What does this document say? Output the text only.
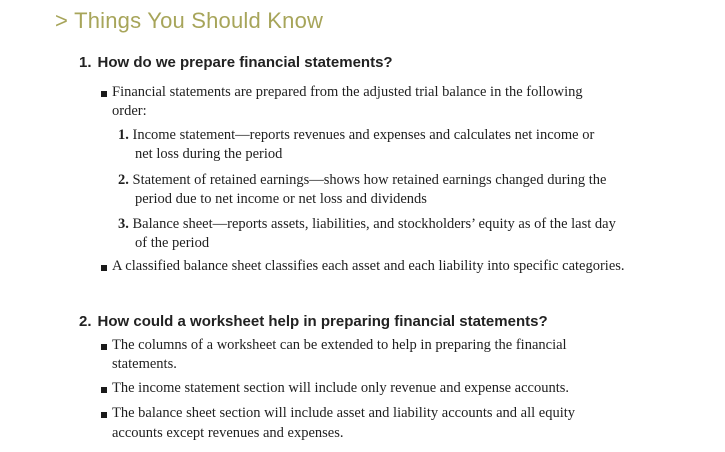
> Things You Should Know
1. How do we prepare financial statements?
Financial statements are prepared from the adjusted trial balance in the following
order:
1. Income statement—reports revenues and expenses and calculates net income or
net loss during the period
2. Statement of retained earnings—shows how retained earnings changed during the
period due to net income or net loss and dividends
3. Balance sheet—reports assets, liabilities, and stockholders’ equity as of the last day
of the period
A classified balance sheet classifies each asset and each liability into specific categories.
2. How could a worksheet help in preparing financial statements?
The columns of a worksheet can be extended to help in preparing the financial
statements.
The income statement section will include only revenue and expense accounts.
The balance sheet section will include asset and liability accounts and all equity
accounts except revenues and expenses.
